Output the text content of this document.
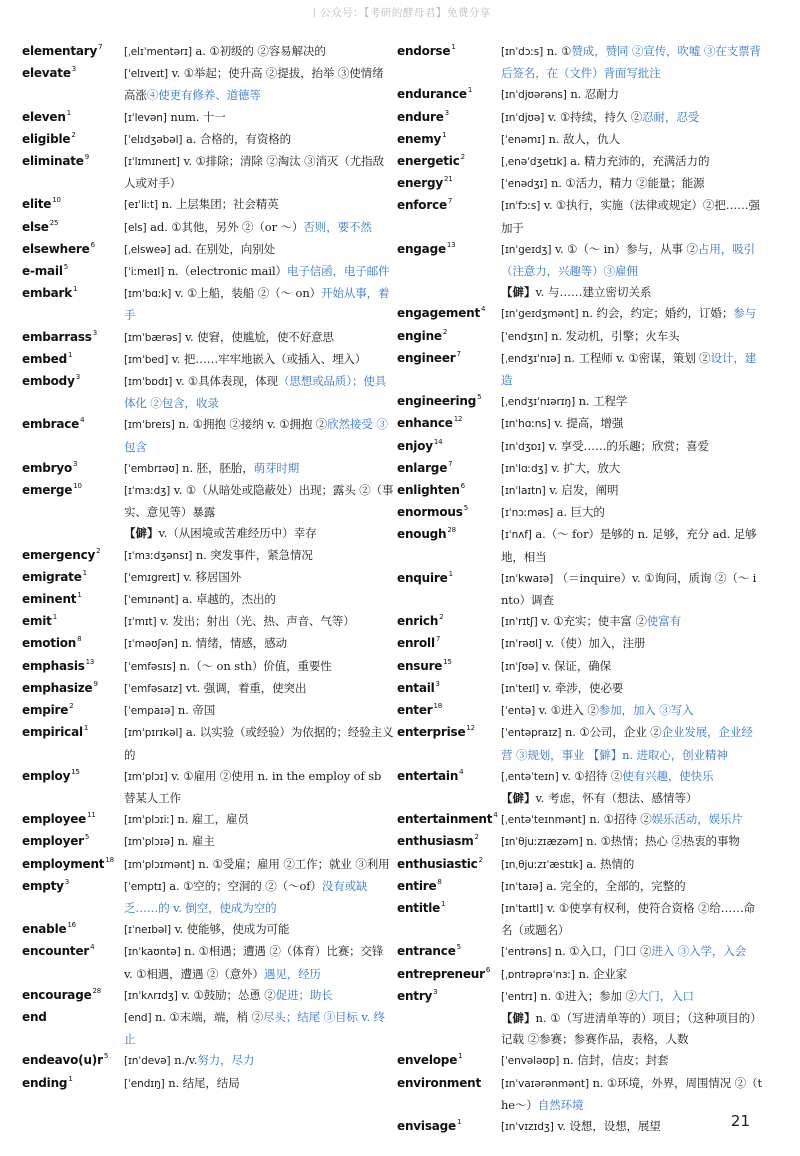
丨公众号：【考研的酵母君】免费分享
elementary$^7$	[ˌelɪˈmentərɪ] a. ①初级的 ②容易解决的
elevate$^3$	[ˈelɪveɪt] v. ①举起；使升高 ②提拔，抬举 ③使情绪高涨④使更有修养、道德等
eleven$^1$	[ɪˈlevən] num. 十一
eligible$^2$	[ˈelɪdʒəbəl] a. 合格的，有资格的
eliminate$^9$	[ɪˈlɪmɪneɪt] v. ①排除；清除 ②淘汰 ③消灭（尤指敌人或对手）
elite$^{10}$	[eɪˈliːt] n. 上层集团；社会精英
else$^{25}$	[els] ad. ①其他，另外 ②（or ～）否则，要不然
elsewhere$^6$	[ˌelsweə] ad. 在别处，向别处
e-mail$^5$	[ˈiːmeɪl] n.（electronic mail）电子信函，电子邮件
embark$^1$	[ɪmˈbɑːk] v. ①上船，装船 ②（～ on）开始从事，着手
embarrass$^3$	[ɪmˈbærəs] v. 使窘，使尴尬，使不好意思
embed$^1$	[ɪmˈbed] v. 把……牢牢地嵌入（或插入、埋入）
embody$^3$	[ɪmˈbɒdɪ] v. ①具体表现，体现（思想或品质）；使具体化 ②包含，收录
embrace$^4$	[ɪmˈbreɪs] n. ①拥抱 ②接纳 v. ①拥抱 ②欣然接受 ③包含
embryo$^3$	[ˈembrɪəʊ] n. 胚，胚胎，萌芽时期
emerge$^{10}$	[ɪˈmɜːdʒ] v. ①（从暗处或隐蔽处）出现；露头 ②（事实、意见等）暴露
【僻】v.（从困境或苦难经历中）幸存
emergency$^2$	[ɪˈmɜːdʒənsɪ] n. 突发事件，紧急情况
emigrate$^1$	[ˈemɪgreɪt] v. 移居国外
eminent$^1$	[ˈemɪnənt] a. 卓越的，杰出的
emit$^1$	[ɪˈmɪt] v. 发出；射出（光、热、声音、气等）
emotion$^8$	[ɪˈməʊʃən] n. 情绪，情感，感动
emphasis$^{13}$	[ˈemfəsɪs] n.（～ on sth）价值，重要性
emphasize$^9$	[ˈemfəsaɪz] vt. 强调，着重，使突出
empire$^2$	[ˈempaɪə] n. 帝国
empirical$^1$	[ɪmˈpɪrɪkəl] a. 以实验（或经验）为依据的；经验主义的
employ$^{15}$	[ɪmˈplɔɪ] v. ①雇用 ②使用 n. in the employ of sb 替某人工作
employee$^{11}$	[ɪmˈplɔɪiː] n. 雇工，雇员
employer$^5$	[ɪmˈplɔɪə] n. 雇主
employment$^{18}$ [ɪmˈplɔɪmənt] n. ①受雇；雇用 ②工作；就业 ③利用
empty$^3$	[ˈemptɪ] a. ①空的；空洞的 ②（～of）没有或缺乏……的 v. 倒空，使成为空的
enable$^{16}$	[ɪˈneɪbəl] v. 使能够，使成为可能
encounter$^4$	[ɪnˈkaʊntə] n. ①相遇；遭遇 ②（体育）比赛；交锋 v. ①相遇，遭遇 ②（意外）遇见，经历
encourage$^{28}$	[ɪnˈkʌrɪdʒ] v. ①鼓励；怂恿 ②促进；助长
end	[end] n. ①末端，端，梢 ②尽头；结尾 ③目标 v. 终止
$endeavo(u)r^5$	[ɪnˈdevə] n./v.努力，尽力
ending$^1$	[ˈendɪŋ] n. 结尾，结局
endorse$^1$	[ɪnˈdɔːs] n. ①赞成，赞同 ②宣传，吹嘘 ③在支票背后签名，在（文件）背面写批注
endurance$^1$	[ɪnˈdjʊərəns] n. 忍耐力
endure$^3$	[ɪnˈdjʊə] v. ①持续，持久 ②忍耐，忍受
enemy$^1$	[ˈenəmɪ] n. 敌人，仇人
energetic$^2$	[ˌenəˈdʒetɪk] a. 精力充沛的，充满活力的
energy$^{21}$	[ˈenədʒɪ] n. ①活力，精力 ②能量；能源
enforce$^7$	[ɪnˈfɔːs] v. ①执行，实施（法律或规定）②把……强加于
engage$^{13}$	[ɪnˈgeɪdʒ] v. ①（～ in）参与，从事 ②占用，吸引（注意力，兴趣等）③雇佣
【僻】v. 与……建立密切关系
engagement$^4$	[ɪnˈgeɪdʒmənt] n. 约会，约定；婚约，订婚；参与
engine$^2$	[ˈendʒɪn] n. 发动机，引擎；火车头
engineer$^7$	[ˌendʒɪˈnɪə] n. 工程师 v. ①密谋，策划 ②设计，建造
engineering$^5$	[ˌendʒɪˈnɪərɪŋ] n. 工程学
enhance$^{12}$	[ɪnˈhɑːns] v. 提高，增强
enjoy$^{14}$	[ɪnˈdʒɒɪ] v. 享受……的乐趣；欣赏；喜爱
enlarge$^7$	[ɪnˈlɑːdʒ] v. 扩大，放大
enlighten$^6$	[ɪnˈlaɪtn] v. 启发，阐明
enormous$^5$	[ɪˈnɔːməs] a. 巨大的
enough$^{28}$	[ɪˈnʌf] a.（～ for）是够的 n. 足够，充分 ad. 足够地，相当
enquire$^1$	[ɪnˈkwaɪə] （＝inquire）v. ①询问，质询 ②（～ into）调查
enrich$^2$	[ɪnˈrɪtʃ] v. ①充实；使丰富 ②使富有
enroll$^7$	[ɪnˈrəʊl] v.（使）加入，注册
ensure$^{15}$	[ɪnˈʃʊə] v. 保证，确保
entail$^3$	[ɪnˈteɪl] v. 牵涉，使必要
enter$^{18}$	[ˈentə] v. ①进入 ②参加，加入 ③写入
enterprise$^{12}$	[ˈentəpraɪz] n. ①公司，企业 ②企业发展，企业经营 ③规划，事业 【僻】n. 进取心，创业精神
entertain$^4$	[ˌentəˈteɪn] v. ①招待 ②使有兴趣，使快乐
【僻】v. 考虑，怀有（想法、感情等）
entertainment$^4$ [ˌentəˈteɪnmənt] n. ①招待 ②娱乐活动，娱乐片
enthusiasm$^2$	[ɪnˈθjuːzɪæzəm] n. ①热情；热心 ②热衷的事物
enthusiastic$^2$	[ɪnˌθjuːzɪˈæstɪk] a. 热情的
entire$^8$	[ɪnˈtaɪə] a. 完全的，全部的，完整的
entitle$^1$	[ɪnˈtaɪtl] v. ①使享有权利，使符合资格 ②给……命名（或题名）
entrance$^5$	[ˈentrəns] n. ①入口，门口 ②进入 ③入学，入会
entrepreneur$^6$	[ˌɒntrəprəˈnɜː] n. 企业家
entry$^3$	[ˈentrɪ] n. ①进入；参加 ②大门，入口
【僻】n. ①（写进清单等的）项目；（这种项目的）记载 ②参赛；参赛作品，表格，人数
envelope$^1$	[ˈenvələʊp] n. 信封，信皮；封套
environment	[ɪnˈvaɪərənmənt] n. ①环境，外界，周围情况 ②（the～）自然环境
envisage$^1$	[ɪnˈvɪzɪdʒ] v. 设想，设想，展望	21
